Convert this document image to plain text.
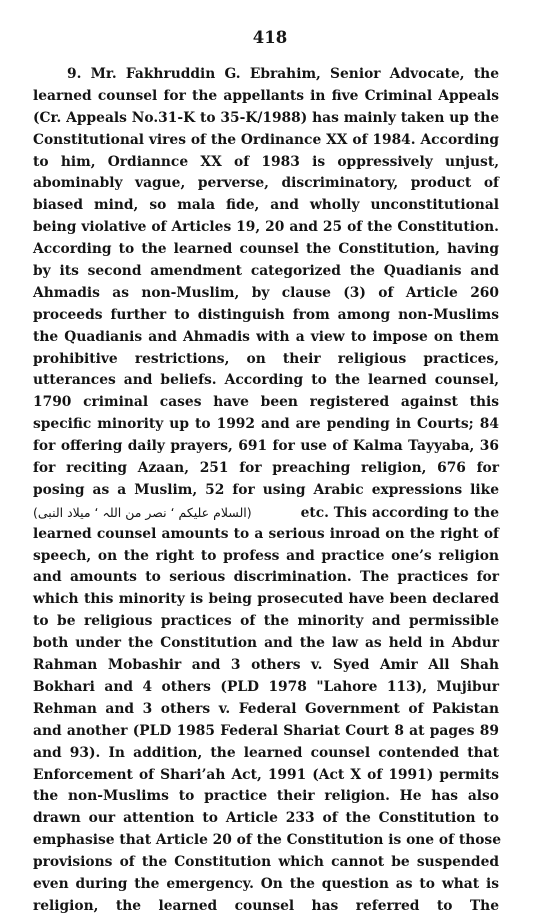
418
9. Mr. Fakhruddin G. Ebrahim, Senior Advocate, the
learned counsel for the appellants in five Criminal Appeals
(Cr. Appeals No.31-K to 35-K/1988) has mainly taken up the
Constitutional vires of the Ordinance XX of 1984. According
to him, Ordiannce XX of 1983 is oppressively unjust,
abominably vague, perverse, discriminatory, product of
biased mind, so mala fide, and wholly unconstitutional
being violative of Articles 19, 20 and 25 of the Constitution.
According to the learned counsel the Constitution, having
by its second amendment categorized the Quadianis and
Ahmadis as non-Muslim, by clause (3) of Article 260
proceeds further to distinguish from among non-Muslims
the Quadianis and Ahmadis with a view to impose on them
prohibitive restrictions, on their religious practices,
utterances and beliefs. According to the learned counsel,
1790 criminal cases have been registered against this
specific minority up to 1992 and are pending in Courts; 84
for offering daily prayers, 691 for use of Kalma Tayyaba, 36
for reciting Azaan, 251 for preaching religion, 676 for
posing as a Muslim, 52 for using Arabic expressions like
(السلام علیکم ‘ نصر من اللہ ‘ میلاد النبی)	etc. This according to the
learned counsel amounts to a serious inroad on the right of
speech, on the right to profess and practice one’s religion
and amounts to serious discrimination. The practices for
which this minority is being prosecuted have been declared
to be religious practices of the minority and permissible
both under the Constitution and the law as held in Abdur
Rahman Mobashir and 3 others v. Syed Amir All Shah
Bokhari and 4 others (PLD 1978 "Lahore 113), Mujibur
Rehman and 3 others v. Federal Government of Pakistan
and another (PLD 1985 Federal Shariat Court 8 at pages 89
and 93). In addition, the learned counsel contended that
Enforcement of Shari’ah Act, 1991 (Act X of 1991) permits
the non-Muslims to practice their religion. He has also
drawn our attention to Article 233 of the Constitution to
emphasise that Article 20 of the Constitution is one of those
provisions of the Constitution which cannot be suspended
even during the emergency. On the question as to what is
religion, the learned counsel has referred to The
